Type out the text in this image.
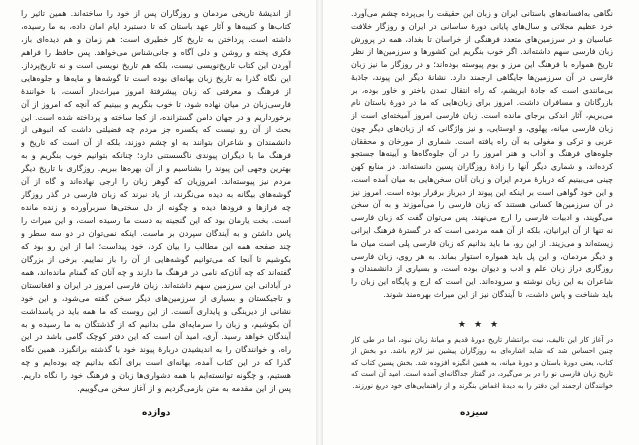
از اندیشهٔ تاریخی مردمان و روزگاران پس از خود را ساخته‌اند. همین تاثیر را کتاب‌ها و کتیبه‌ها و آثار عهد باستان که تا دستبرد ایام امان داده، به ما رسیده، داشته است. پرداختن به تاریخ کار خطیری است: هم زمان و هم دیده‌ای باز، فکری پخته و روشن و دلی آگاه و جانی‌شناس می‌خواهد. پس حافظ را فراهم آوردن این کتاب تاریخ‌نویسی نیست، بلکه هم تاریخ نویسی است و نه تاریخ‌پرداز. این نگاه گذرا به تاریخ زبان بهانه‌ای بوده است تا گوشه‌ها و مایه‌ها و جلوه‌هایی از فرهنگ و معرفتی که زبان پیشرفتهٔ امروز میراث‌دار آنست، با خوانندهٔ فارسی‌زبان در میان نهاده شود، تا خوب بنگریم و ببینیم که آنچه که امروز از آن برخورداریم و در جهان دامن گسترانده، از کجا ساخته و پرداخته شده است. این بحث از آن رو نیست که یکسره جز مردم چه فضیلتی داشت که انبوهی از دانشمندان و شاعران بتوانند به او چشم دوزند، بلکه از آن است که تاریخ و فرهنگ ما با دیگران پیوندی ناگسستنی دارد؛ چنانکه بتوانیم خوب بنگریم و به بهترین وجهی این پیوند را بشناسیم و از آن بهره‌ها ببریم. روزگاری با تاریخ دیگر مردم نیز پیوسته‌اند. امروزیان که گوهر زبان را ارجی نهاده‌اند و گاه از آن گوشه‌های بیگانه به دیده می‌نگرند، از یاد نبرند که زبان فارسی در گذر روزگار چه فرازها و فرودها دیده و چگونه از دل سختی‌ها سربرآورده و زنده مانده است. بخت یارمان بود که این گنجینه به دست ما رسیده است، و این میراث را پاس داشتن و به آیندگان سپردن بر ماست. اینکه نمی‌توان در دو سه سطر و چند صفحه همه این مطالب را بیان کرد، خود پیداست؛ اما از این رو بود که بکوشیم تا آنجا که می‌توانیم گوشه‌هایی از آن را باز نماییم. برخی از بزرگان گفته‌اند که چه آنان‌که نامی در فرهنگ ما دارند و چه آنان که گمنام مانده‌اند، همه در آبادانی این سرزمین سهم داشته‌اند. زبان فارسی امروز در ایران و افغانستان و تاجیکستان و بسیاری از سرزمین‌های دیگر سخن گفته می‌شود، و این خود نشانی از دیرینگی و پایداری آنست. از این روست که ما همه باید در پاسداشت آن بکوشیم، و زبان را سرمایه‌ای ملی بدانیم که از گذشتگان به ما رسیده و به آیندگان خواهد رسید. آری، امید آن است که این دفتر کوچک گامی باشد در این راه، و خوانندگان را به اندیشیدن دربارهٔ پیوند خود با گذشته برانگیزد. همین نگاه گذرا که در این کتاب آمده، بهانه‌ای است برای آنکه بدانیم چه بوده‌ایم و چه هستیم، و چگونه توانسته‌ایم با همه دشواری‌ها زبان و فرهنگ خود را نگاه داریم. پس از این مقدمه به متن بازمی‌گردیم و از آغاز سخن می‌گوییم.
دوازده
نگاهی به‌افسانه‌های باستانی ایران و زبان این حقیقت را بی‌پرده چشم می‌آورد. خرد عظیم مجلاتی و سال‌های پایانی دورهٔ ساسانی در ایران و روزگار خلافت عباسیان و در سرزمین‌های متعدد فرهنگی از خراسان تا بغداد، همه در پرورش زبان فارسی سهم داشته‌اند. اگر خوب بنگریم این کشورها و سرزمین‌ها از نظر تاریخ همواره با فرهنگ این مرز و بوم پیوسته بوده‌اند؛ و در روزگار ما نیز زبان فارسی در آن سرزمین‌ها جایگاهی ارجمند دارد. نشانهٔ دیگر این پیوند، جاذبهٔ بی‌مانندی است که جادهٔ ابریشم، که راه انتقال تمدن باختر و خاور بوده، بر بازرگانان و مسافران داشت. امروز برای زبان‌هایی که ما در دورهٔ باستان نام می‌بریم، آثار اندکی برجای مانده است. زبان فارسی امروز آمیخته‌ای است از زبان فارسی میانه، پهلوی، و اوستایی، و نیز واژگانی که از زبان‌های دیگر چون عربی و ترکی و مغولی به آن راه یافته است. شماری از مورخان و محققان جلوه‌های فرهنگ و آداب و هنر امروز را در آن جلوه‌گاه‌ها و آیینه‌ها جستجو کرده‌اند، و شماری دیگر آنها را زادهٔ روزگاران پسین دانسته‌اند. در منابع کهن چینی می‌بینیم که دربارهٔ مردم ایران و زبان آنان سخن‌هایی به میان آمده است، و این خود گواهی است بر اینکه این پیوند از دیرباز برقرار بوده است. امروز نیز در آن سرزمین‌ها کسانی هستند که زبان فارسی را می‌آموزند و به آن سخن می‌گویند، و ادبیات فارسی را ارج می‌نهند. پس می‌توان گفت که زبان فارسی نه تنها از آن ایرانیان، بلکه از آن همه مردمی است که در گسترهٔ فرهنگ ایرانی زیسته‌اند و می‌زیند. از این رو، ما باید بدانیم که زبان فارسی پلی است میان ما و دیگر مردمان، و این پل باید همواره استوار بماند. به هر روی، زبان فارسی روزگاری دراز زبان علم و ادب و دیوان بوده است، و بسیاری از دانشمندان و شاعران به این زبان نوشته و سروده‌اند. این است که ارج و پایگاه این زبان را باید شناخت و پاس داشت، تا آیندگان نیز از این میراث بهره‌مند شوند.
★★★
در آغاز کار این تالیف، نیت برانتشار تاریخ دورهٔ قدیم و میانهٔ زبان نبود، اما در طی کار چنین احساس شد که شاید اشاره‌ای به روزگاران پیشین نیز لازم باشد. دو بخش از کتاب، یعنی دورهٔ باستان و دورهٔ میانه، به همین انگیزه افزوده شد. بخش پسین کتاب که تاریخ زبان فارسی نو را در بر می‌گیرد، در گفتار جداگانه‌ای آمده است. امید آن است که خوانندگان ارجمند این دفتر را به دیدهٔ اغماض بنگرند و از راهنمایی‌های خود دریغ نورزند.
سیزده
